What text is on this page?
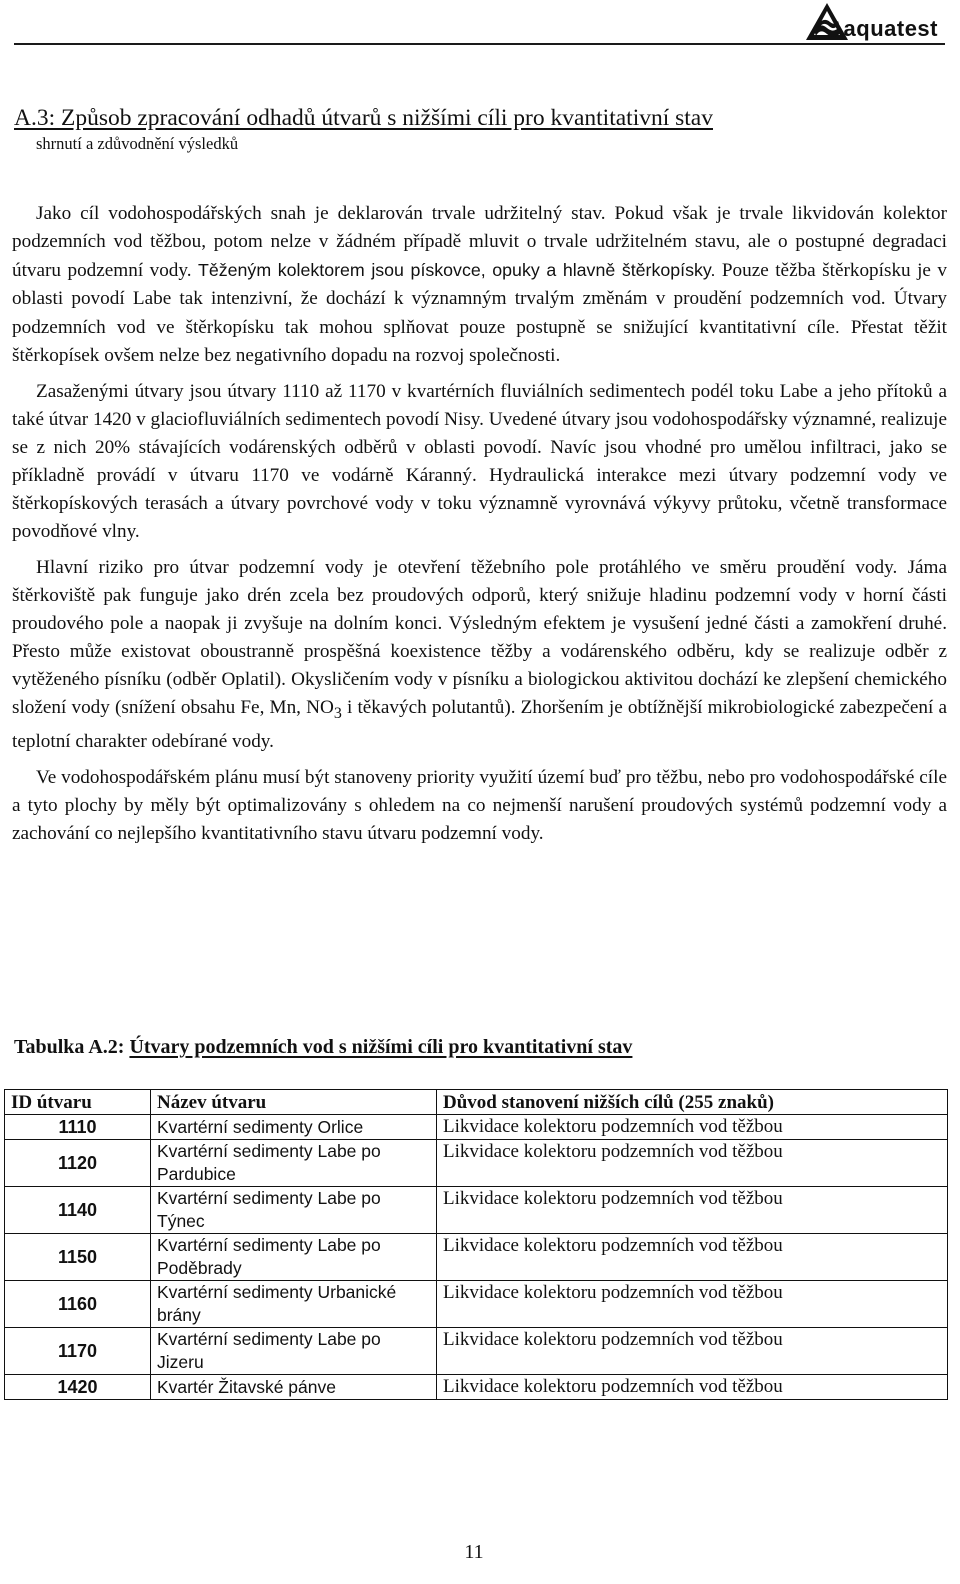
aquatest
A.3: Způsob zpracování odhadů útvarů s nižšími cíli pro kvantitativní stav
shrnutí a zdůvodnění výsledků

Jako cíl vodohospodářských snah je deklarován trvale udržitelný stav. Pokud však je trvale likvidován kolektor podzemních vod těžbou, potom nelze v žádném případě mluvit o trvale udržitelném stavu, ale o postupné degradaci útvaru podzemní vody. Těženým kolektorem jsou pískovce, opuky a hlavně štěrkopísky. Pouze těžba štěrkopísku je v oblasti povodí Labe tak intenzivní, že dochází k významným trvalým změnám v proudění podzemních vod. Útvary podzemních vod ve štěrkopísku tak mohou splňovat pouze postupně se snižující kvantitativní cíle. Přestat těžit štěrkopísek ovšem nelze bez negativního dopadu na rozvoj společnosti.

Zasaženými útvary jsou útvary 1110 až 1170 v kvartérních fluviálních sedimentech podél toku Labe a jeho přítoků a také útvar 1420 v glaciofluviálních sedimentech povodí Nisy. Uvedené útvary jsou vodohospodářsky významné, realizuje se z nich 20% stávajících vodárenských odběrů v oblasti povodí. Navíc jsou vhodné pro umělou infiltraci, jako se příkladně provádí v útvaru 1170 ve vodárně Káranný. Hydraulická interakce mezi útvary podzemní vody ve štěrkopískových terasách a útvary povrchové vody v toku významně vyrovnává výkyvy průtoku, včetně transformace povodňové vlny.

Hlavní riziko pro útvar podzemní vody je otevření těžebního pole protáhlého ve směru proudění vody. Jáma štěrkoviště pak funguje jako drén zcela bez proudových odporů, který snižuje hladinu podzemní vody v horní části proudového pole a naopak ji zvyšuje na dolním konci. Výsledným efektem je vysušení jedné části a zamokření druhé. Přesto může existovat oboustranně prospěšná koexistence těžby a vodárenského odběru, kdy se realizuje odběr z vytěženého písníku (odběr Oplatil). Okysličením vody v písníku a biologickou aktivitou dochází ke zlepšení chemického složení vody (snížení obsahu Fe, Mn, $NO_3$ i těkavých polutantů). Zhoršením je obtížnější mikrobiologické zabezpečení a teplotní charakter odebírané vody.

Ve vodohospodářském plánu musí být stanoveny priority využití území buď pro těžbu, nebo pro vodohospodářské cíle a tyto plochy by měly být optimalizovány s ohledem na co nejmenší narušení proudových systémů podzemní vody a zachování co nejlepšího kvantitativního stavu útvaru podzemní vody.

Tabulka A.2: Útvary podzemních vod s nižšími cíli pro kvantitativní stav
ID útvaru	Název útvaru	Důvod stanovení nižších cílů (255 znaků)
1110	Kvartérní sedimenty Orlice	Likvidace kolektoru podzemních vod těžbou
1120	Kvartérní sedimenty Labe po Pardubice	Likvidace kolektoru podzemních vod těžbou
1140	Kvartérní sedimenty Labe po Týnec	Likvidace kolektoru podzemních vod těžbou
1150	Kvartérní sedimenty Labe po Poděbrady	Likvidace kolektoru podzemních vod těžbou
1160	Kvartérní sedimenty Urbanické brány	Likvidace kolektoru podzemních vod těžbou
1170	Kvartérní sedimenty Labe po Jizeru	Likvidace kolektoru podzemních vod těžbou
1420	Kvartér Žitavské pánve	Likvidace kolektoru podzemních vod těžbou
11
